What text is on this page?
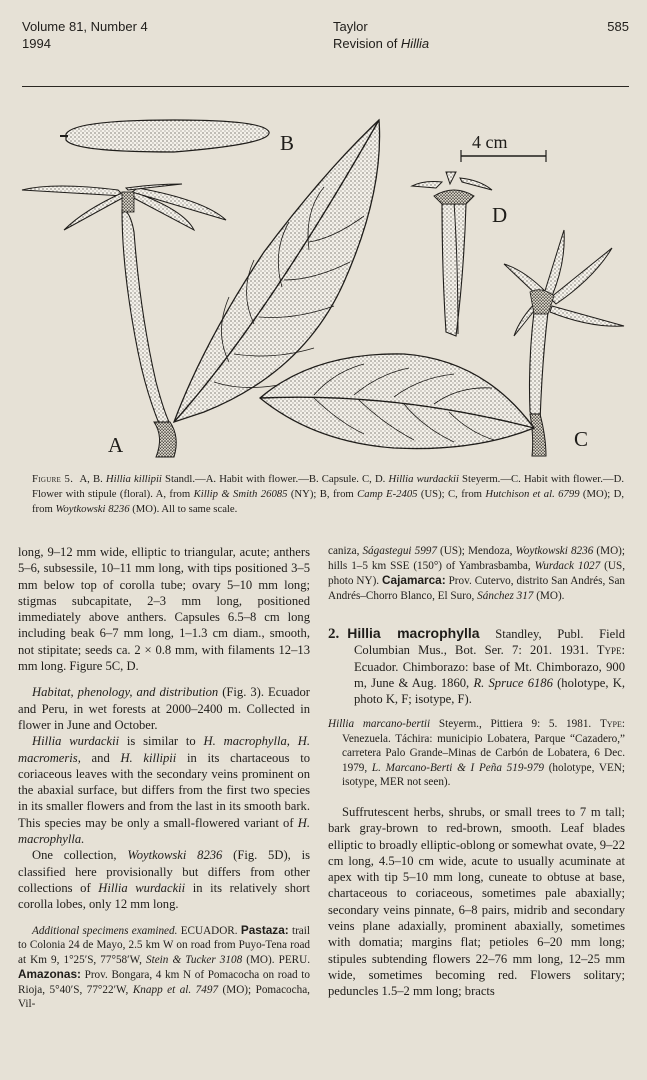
Volume 81, Number 4
1994
Taylor
Revision of Hillia
585
B
A
4 cm
D
C
Figure 5. A, B. Hillia killipii Standl.—A. Habit with flower.—B. Capsule. C, D. Hillia wurdackii Steyerm.—C. Habit with flower.—D. Flower with stipule (floral). A, from Killip & Smith 26085 (NY); B, from Camp E-2405 (US); C, from Hutchison et al. 6799 (MO); D, from Woytkowski 8236 (MO). All to same scale.

long, 9–12 mm wide, elliptic to triangular, acute; anthers 5–6, subsessile, 10–11 mm long, with tips positioned 3–5 mm below top of corolla tube; ovary 5–10 mm long; stigmas subcapitate, 2–3 mm long, positioned immediately above anthers. Capsules 6.5–8 cm long including beak 6–7 mm long, 1–1.3 cm diam., smooth, not stipitate; seeds ca. 2 × 0.8 mm, with filaments 12–13 mm long. Figure 5C, D.

Habitat, phenology, and distribution (Fig. 3). Ecuador and Peru, in wet forests at 2000–2400 m. Collected in flower in June and October.

Hillia wurdackii is similar to H. macrophylla, H. macromeris, and H. killipii in its chartaceous to coriaceous leaves with the secondary veins prominent on the abaxial surface, but differs from the first two species in its smaller flowers and from the last in its smooth bark. This species may be only a small-flowered variant of H. macrophylla.

One collection, Woytkowski 8236 (Fig. 5D), is classified here provisionally but differs from other collections of Hillia wurdackii in its relatively short corolla lobes, only 12 mm long.

Additional specimens examined. ECUADOR. Pastaza: trail to Colonia 24 de Mayo, 2.5 km W on road from Puyo-Tena road at Km 9, 1°25′S, 77°58′W, Stein & Tucker 3108 (MO). PERU. Amazonas: Prov. Bongara, 4 km N of Pomacocha on road to Rioja, 5°40′S, 77°22′W, Knapp et al. 7497 (MO); Pomacocha, Vil-

caniza, Ságastegui 5997 (US); Mendoza, Woytkowski 8236 (MO); hills 1–5 km SSE (150°) of Yambrasbamba, Wurdack 1027 (US, photo NY). Cajamarca: Prov. Cutervo, distrito San Andrés, San Andrés–Chorro Blanco, El Suro, Sánchez 317 (MO).

2. Hillia macrophylla Standley, Publ. Field Columbian Mus., Bot. Ser. 7: 201. 1931. Type: Ecuador. Chimborazo: base of Mt. Chimborazo, 900 m, June & Aug. 1860, R. Spruce 6186 (holotype, K, photo K, F; isotype, F).

Hillia marcano-bertii Steyerm., Pittiera 9: 5. 1981. Type: Venezuela. Táchira: municipio Lobatera, Parque “Cazadero,” carretera Palo Grande–Minas de Carbón de Lobatera, 6 Dec. 1979, L. Marcano-Berti & I Peña 519-979 (holotype, VEN; isotype, MER not seen).

Suffrutescent herbs, shrubs, or small trees to 7 m tall; bark gray-brown to red-brown, smooth. Leaf blades elliptic to broadly elliptic-oblong or somewhat ovate, 9–22 cm long, 4.5–10 cm wide, acute to usually acuminate at apex with tip 5–10 mm long, cuneate to obtuse at base, chartaceous to coriaceous, sometimes pale abaxially; secondary veins pinnate, 6–8 pairs, midrib and secondary veins plane adaxially, prominent abaxially, sometimes with domatia; margins flat; petioles 6–20 mm long; stipules subtending flowers 22–76 mm long, 12–25 mm wide, sometimes becoming red. Flowers solitary; peduncles 1.5–2 mm long; bracts
